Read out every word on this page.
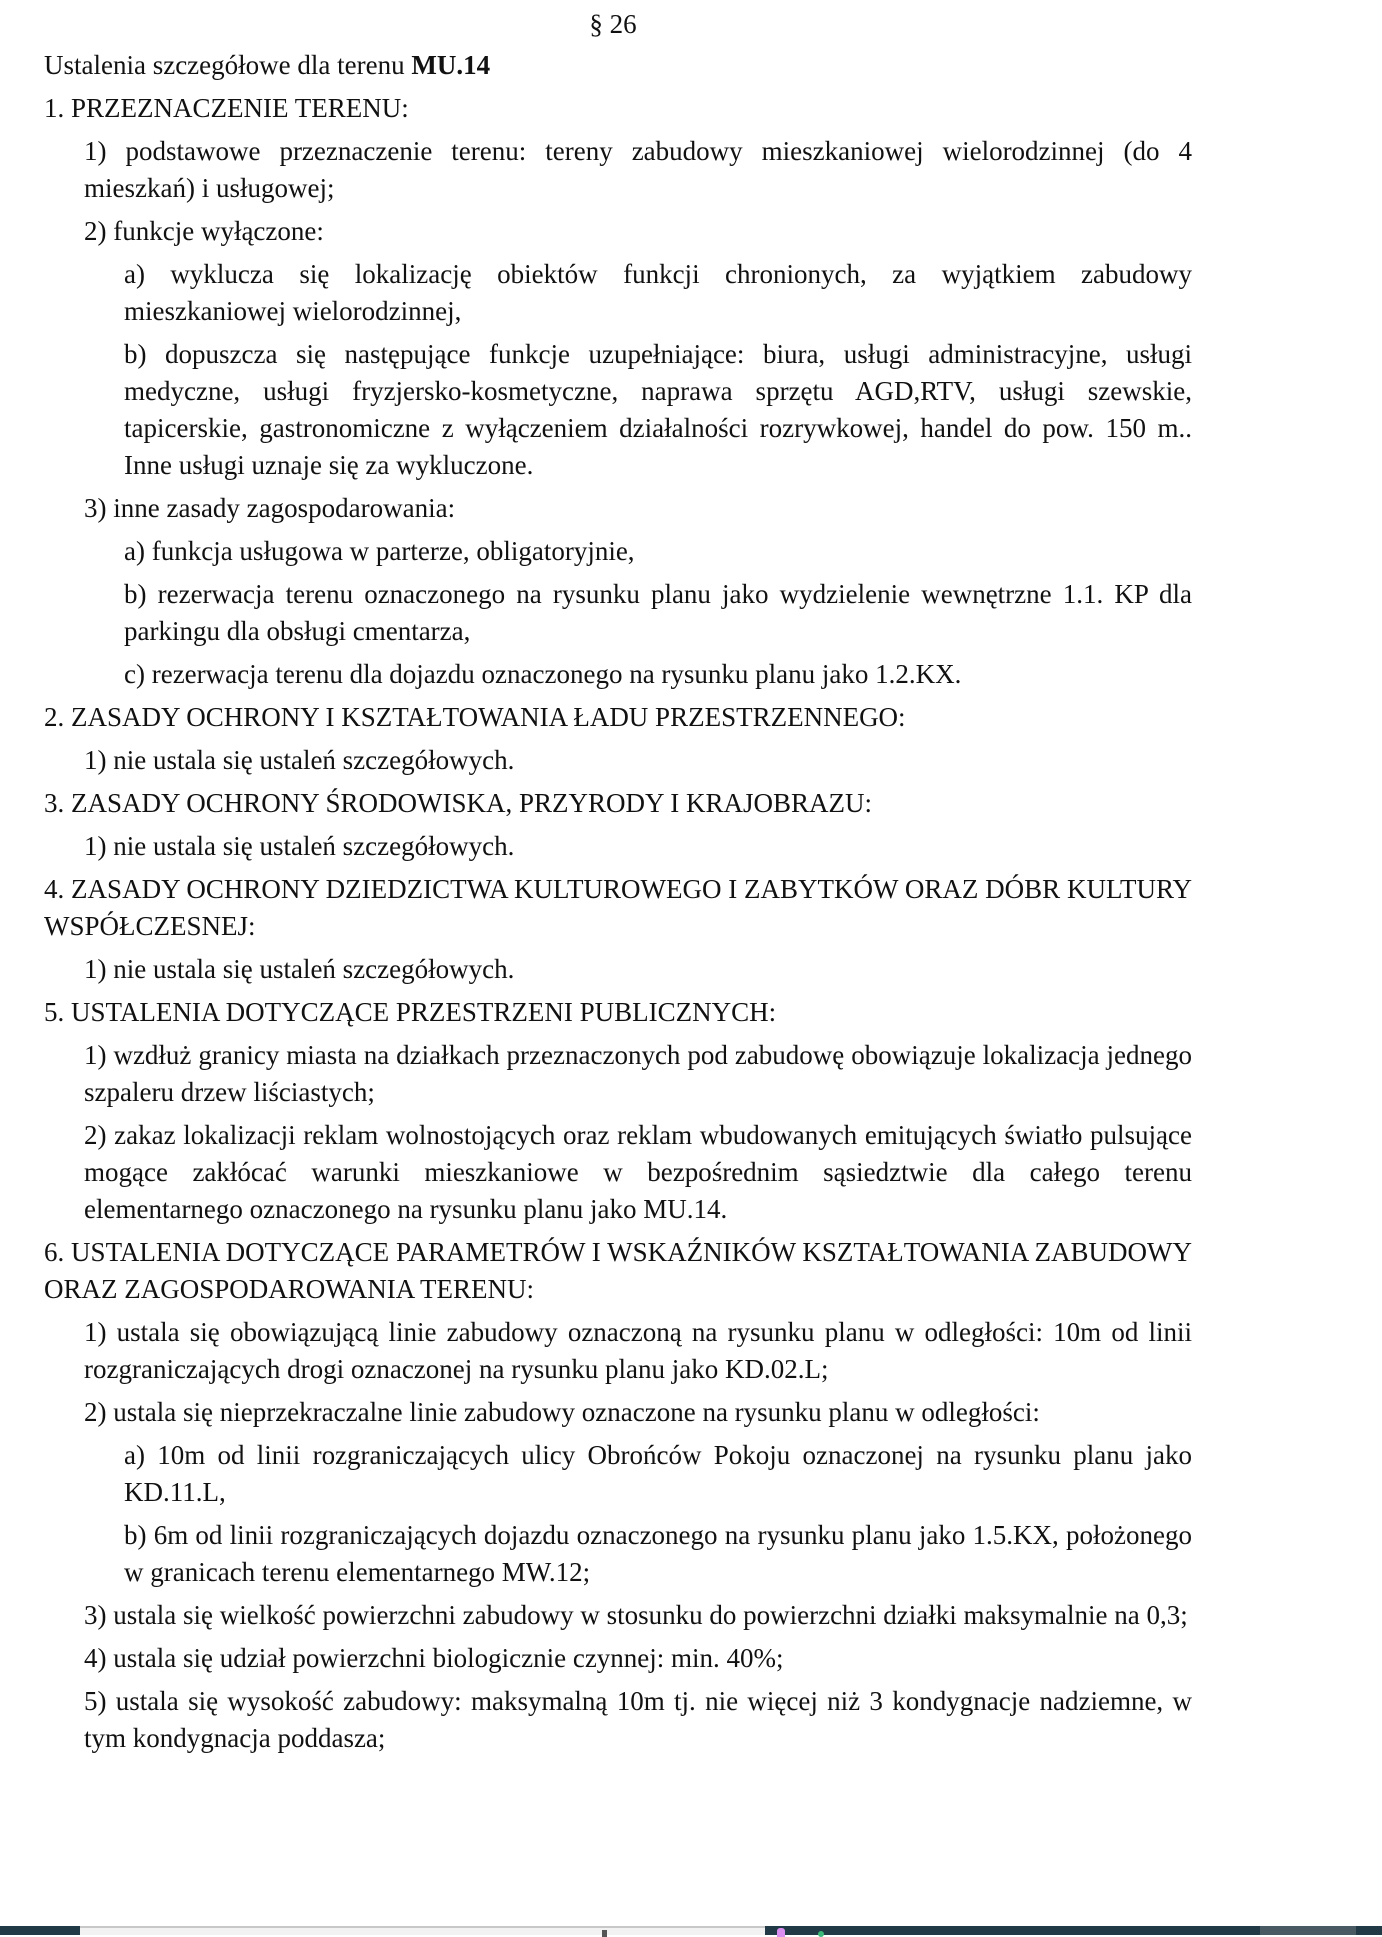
§ 26
Ustalenia szczegółowe dla terenu MU.14
1. PRZEZNACZENIE TERENU:
1) podstawowe przeznaczenie terenu: tereny zabudowy mieszkaniowej wielorodzinnej (do 4 mieszkań) i usługowej;
2) funkcje wyłączone:
a) wyklucza się lokalizację obiektów funkcji chronionych, za wyjątkiem zabudowy mieszkaniowej wielorodzinnej,
b) dopuszcza się następujące funkcje uzupełniające: biura, usługi administracyjne, usługi medyczne, usługi fryzjersko-kosmetyczne, naprawa sprzętu AGD,RTV, usługi szewskie, tapicerskie, gastronomiczne z wyłączeniem działalności rozrywkowej, handel do pow. 150 m.. Inne usługi uznaje się za wykluczone.
3) inne zasady zagospodarowania:
a) funkcja usługowa w parterze, obligatoryjnie,
b) rezerwacja terenu oznaczonego na rysunku planu jako wydzielenie wewnętrzne 1.1. KP dla parkingu dla obsługi cmentarza,
c) rezerwacja terenu dla dojazdu oznaczonego na rysunku planu jako 1.2.KX.
2. ZASADY OCHRONY I KSZTAŁTOWANIA ŁADU PRZESTRZENNEGO:
1) nie ustala się ustaleń szczegółowych.
3. ZASADY OCHRONY ŚRODOWISKA, PRZYRODY I KRAJOBRAZU:
1) nie ustala się ustaleń szczegółowych.
4. ZASADY OCHRONY DZIEDZICTWA KULTUROWEGO I ZABYTKÓW ORAZ DÓBR KULTURY WSPÓŁCZESNEJ:
1) nie ustala się ustaleń szczegółowych.
5. USTALENIA DOTYCZĄCE PRZESTRZENI PUBLICZNYCH:
1) wzdłuż granicy miasta na działkach przeznaczonych pod zabudowę obowiązuje lokalizacja jednego szpaleru drzew liściastych;
2) zakaz lokalizacji reklam wolnostojących oraz reklam wbudowanych emitujących światło pulsujące mogące zakłócać warunki mieszkaniowe w bezpośrednim sąsiedztwie dla całego terenu elementarnego oznaczonego na rysunku planu jako MU.14.
6. USTALENIA DOTYCZĄCE PARAMETRÓW I WSKAŹNIKÓW KSZTAŁTOWANIA ZABUDOWY ORAZ ZAGOSPODAROWANIA TERENU:
1) ustala się obowiązującą linie zabudowy oznaczoną na rysunku planu w odległości: 10m od linii rozgraniczających drogi oznaczonej na rysunku planu jako KD.02.L;
2) ustala się nieprzekraczalne linie zabudowy oznaczone na rysunku planu w odległości:
a) 10m od linii rozgraniczających ulicy Obrońców Pokoju oznaczonej na rysunku planu jako KD.11.L,
b) 6m od linii rozgraniczających dojazdu oznaczonego na rysunku planu jako 1.5.KX, położonego w granicach terenu elementarnego MW.12;
3) ustala się wielkość powierzchni zabudowy w stosunku do powierzchni działki maksymalnie na 0,3;
4) ustala się udział powierzchni biologicznie czynnej: min. 40%;
5) ustala się wysokość zabudowy: maksymalną 10m tj. nie więcej niż 3 kondygnacje nadziemne, w tym kondygnacja poddasza;
